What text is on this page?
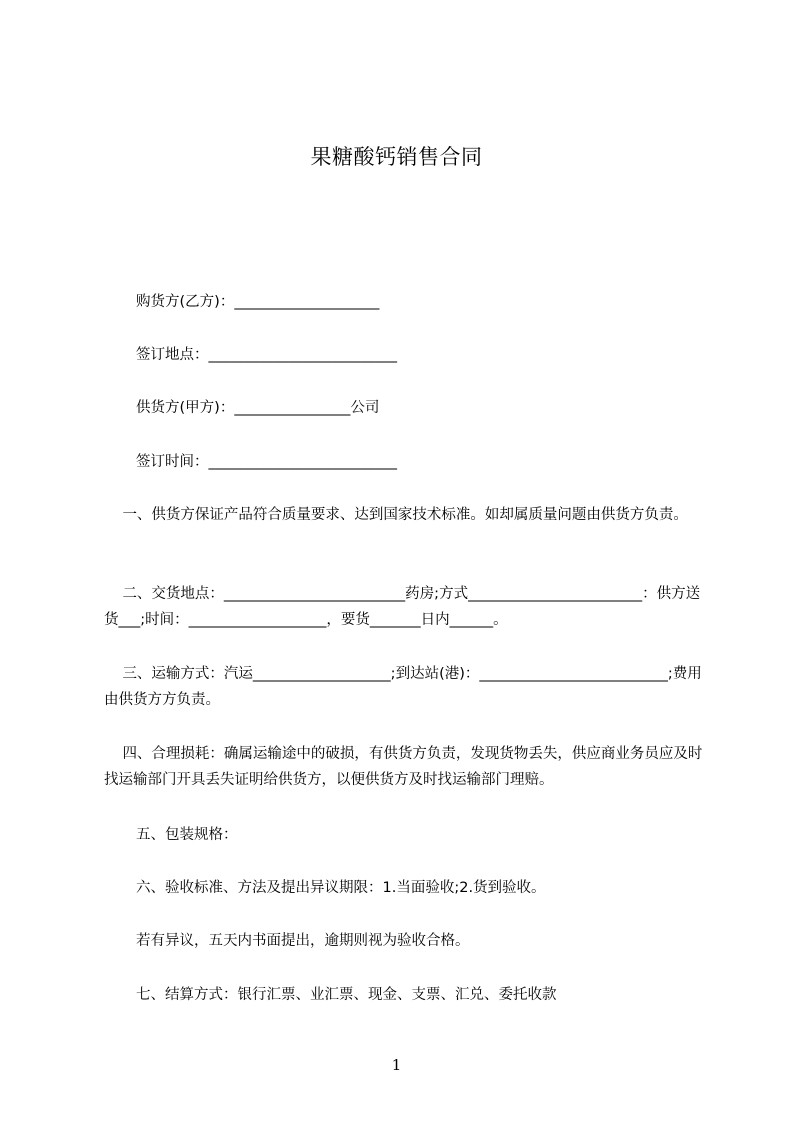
果糖酸钙销售合同
购货方(乙方)：____________________
签订地点：__________________________
供货方(甲方)：________________公司
签订时间：__________________________
一、供货方保证产品符合质量要求、达到国家技术标准。如却属质量问题由供货方负责。
二、交货地点：_________________________药房;方式________________________：供方送货___;时间：___________________，要货_______日内______。
三、运输方式：汽运___________________;到达站(港)：__________________________;费用由供货方方负责。
四、合理损耗：确属运输途中的破损，有供货方负责，发现货物丢失，供应商业务员应及时找运输部门开具丢失证明给供货方，以便供货方及时找运输部门理赔。
五、包装规格：
六、验收标准、方法及提出异议期限：1.当面验收;2.货到验收。
若有异议，五天内书面提出，逾期则视为验收合格。
七、结算方式：银行汇票、业汇票、现金、支票、汇兑、委托收款
1
